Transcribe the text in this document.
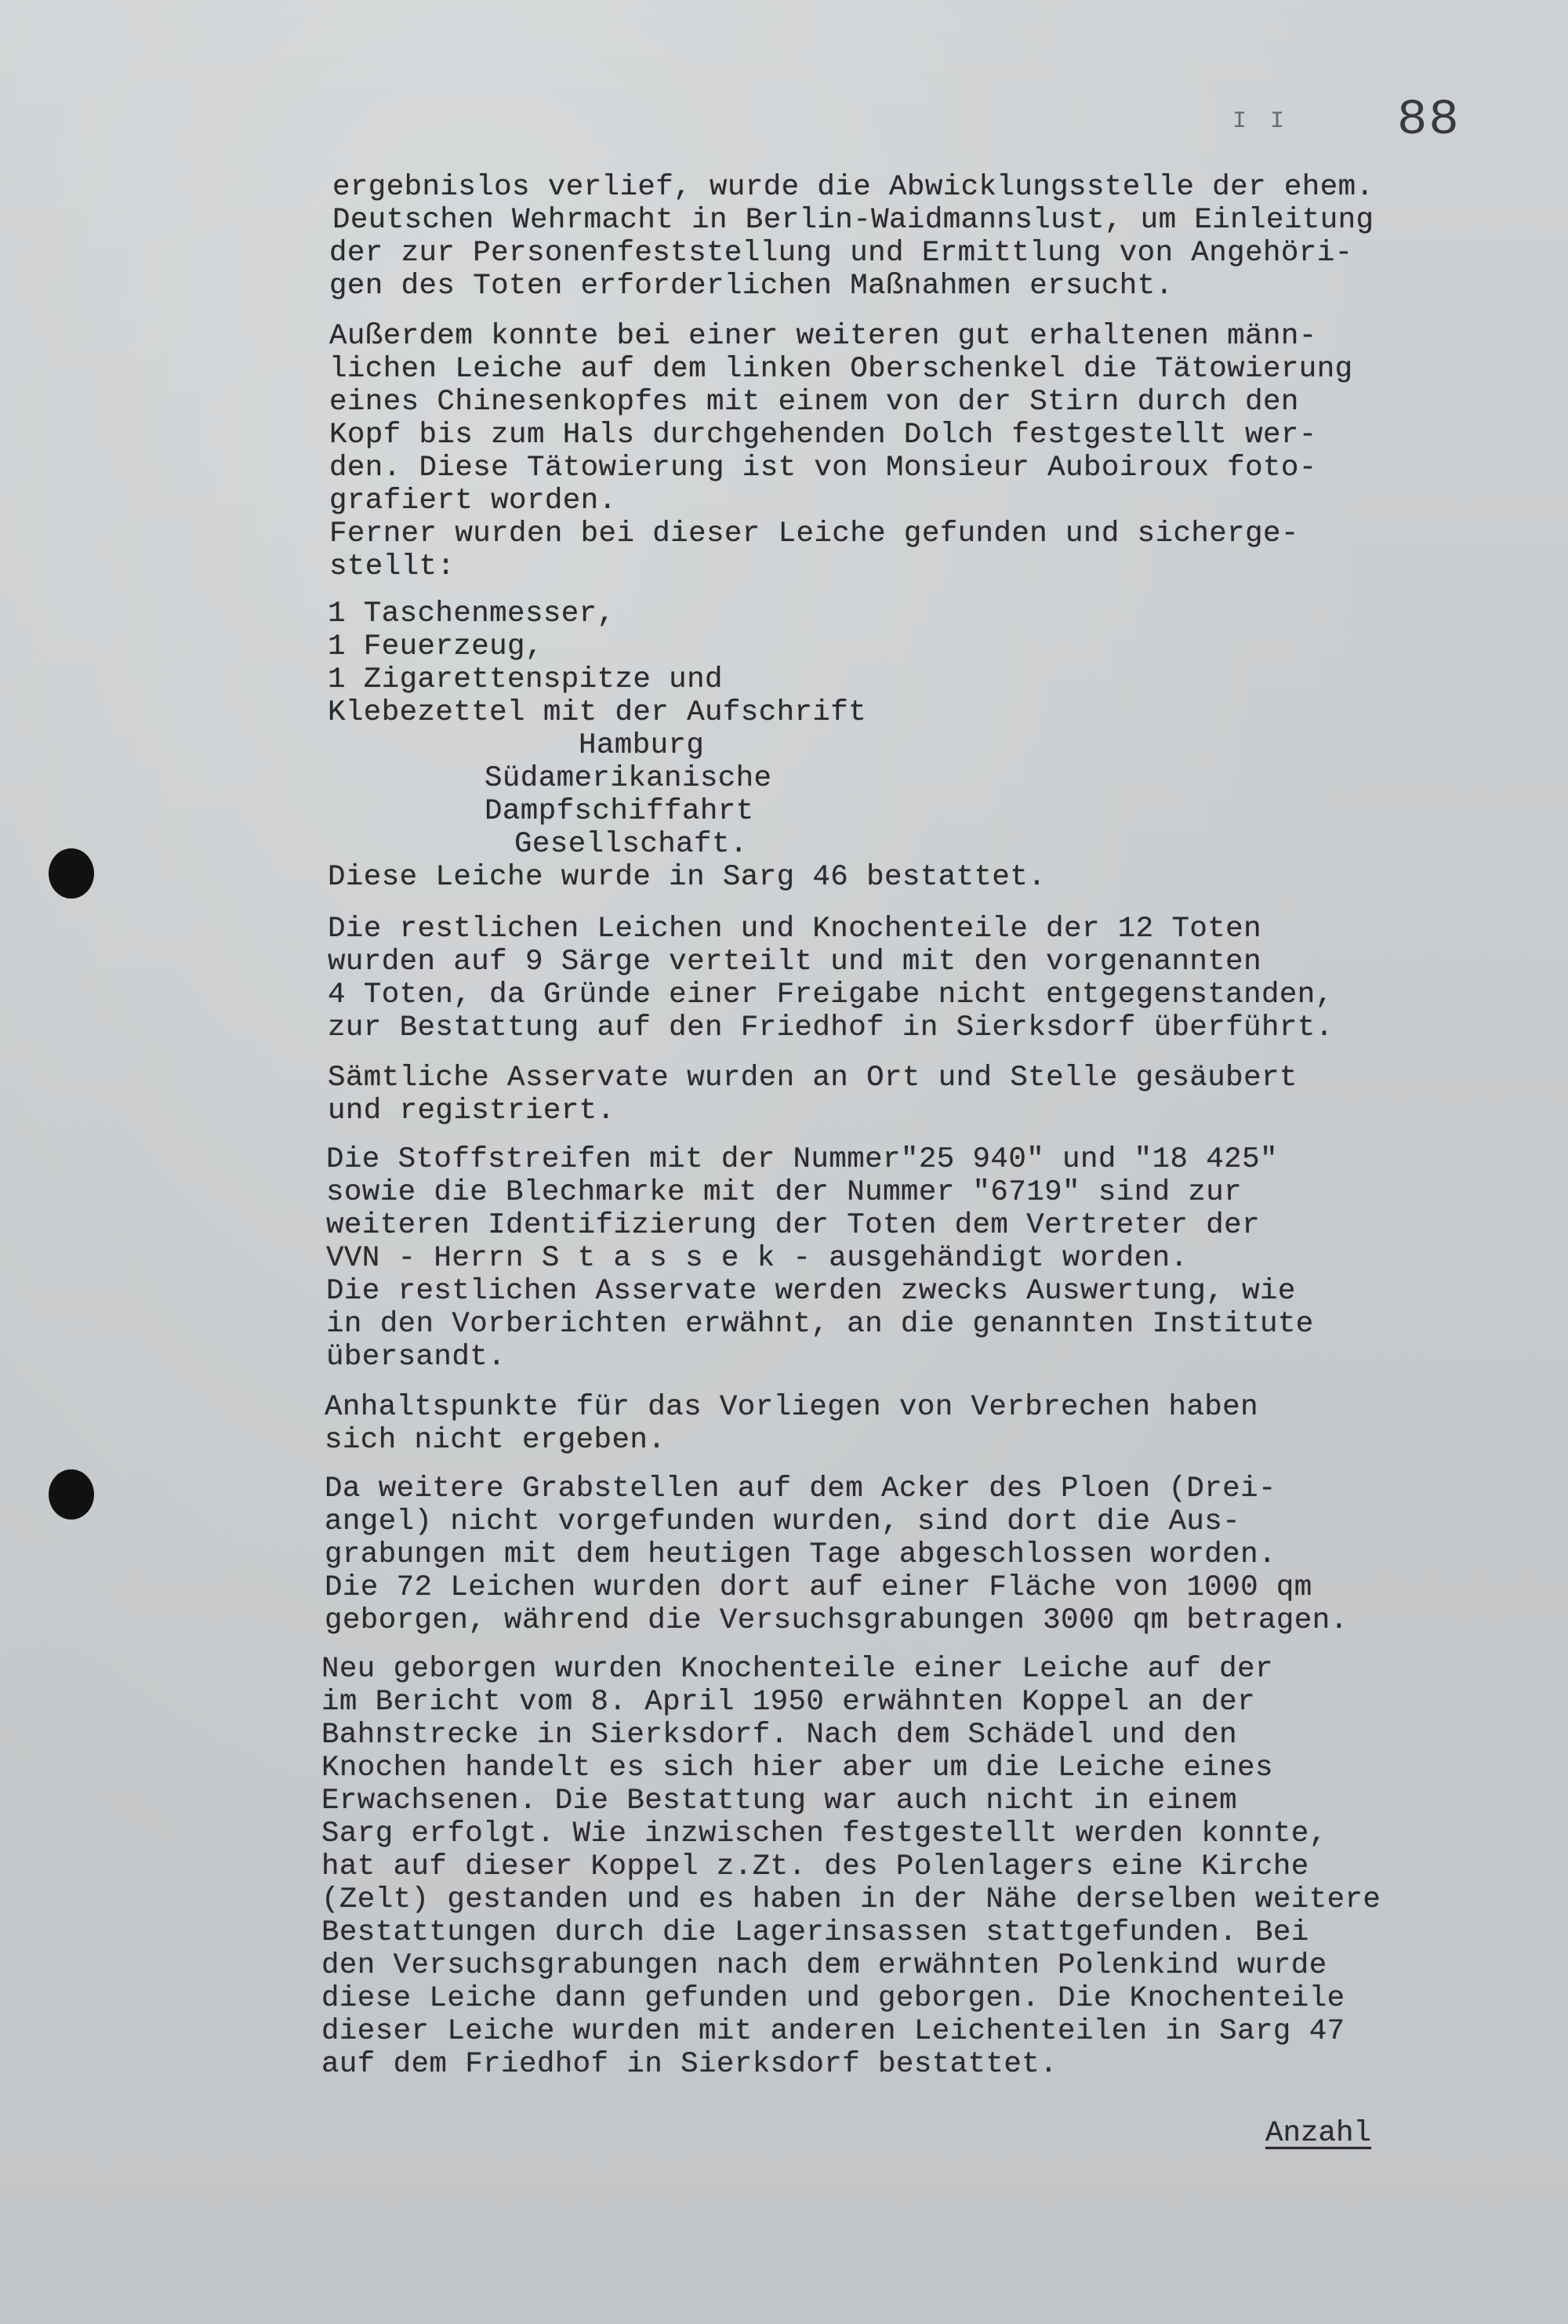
I I 88
ergebnislos verlief, wurde die Abwicklungsstelle der ehem.
Deutschen Wehrmacht in Berlin-Waidmannslust, um Einleitung
der zur Personenfeststellung und Ermittlung von Angehöri-
gen des Toten erforderlichen Maßnahmen ersucht.
Außerdem konnte bei einer weiteren gut erhaltenen männ-
lichen Leiche auf dem linken Oberschenkel die Tätowierung
eines Chinesenkopfes mit einem von der Stirn durch den
Kopf bis zum Hals durchgehenden Dolch festgestellt wer-
den. Diese Tätowierung ist von Monsieur Auboiroux foto-
grafiert worden.
Ferner wurden bei dieser Leiche gefunden und sicherge-
stellt:
1 Taschenmesser,
1 Feuerzeug,
1 Zigarettenspitze und
Klebezettel mit der Aufschrift
Hamburg
Südamerikanische
Dampfschiffahrt
Gesellschaft.
Diese Leiche wurde in Sarg 46 bestattet.
Die restlichen Leichen und Knochenteile der 12 Toten
wurden auf 9 Särge verteilt und mit den vorgenannten
4 Toten, da Gründe einer Freigabe nicht entgegenstanden,
zur Bestattung auf den Friedhof in Sierksdorf überführt.
Sämtliche Asservate wurden an Ort und Stelle gesäubert
und registriert.
Die Stoffstreifen mit der Nummer"25 940" und "18 425"
sowie die Blechmarke mit der Nummer "6719" sind zur
weiteren Identifizierung der Toten dem Vertreter der
VVN - Herrn S t a s s e k - ausgehändigt worden.
Die restlichen Asservate werden zwecks Auswertung, wie
in den Vorberichten erwähnt, an die genannten Institute
übersandt.
Anhaltspunkte für das Vorliegen von Verbrechen haben
sich nicht ergeben.
Da weitere Grabstellen auf dem Acker des Ploen (Drei-
angel) nicht vorgefunden wurden, sind dort die Aus-
grabungen mit dem heutigen Tage abgeschlossen worden.
Die 72 Leichen wurden dort auf einer Fläche von 1000 qm
geborgen, während die Versuchsgrabungen 3000 qm betragen.
Neu geborgen wurden Knochenteile einer Leiche auf der
im Bericht vom 8. April 1950 erwähnten Koppel an der
Bahnstrecke in Sierksdorf. Nach dem Schädel und den
Knochen handelt es sich hier aber um die Leiche eines
Erwachsenen. Die Bestattung war auch nicht in einem
Sarg erfolgt. Wie inzwischen festgestellt werden konnte,
hat auf dieser Koppel z.Zt. des Polenlagers eine Kirche
(Zelt) gestanden und es haben in der Nähe derselben weitere
Bestattungen durch die Lagerinsassen stattgefunden. Bei
den Versuchsgrabungen nach dem erwähnten Polenkind wurde
diese Leiche dann gefunden und geborgen. Die Knochenteile
dieser Leiche wurden mit anderen Leichenteilen in Sarg 47
auf dem Friedhof in Sierksdorf bestattet.
Anzahl
